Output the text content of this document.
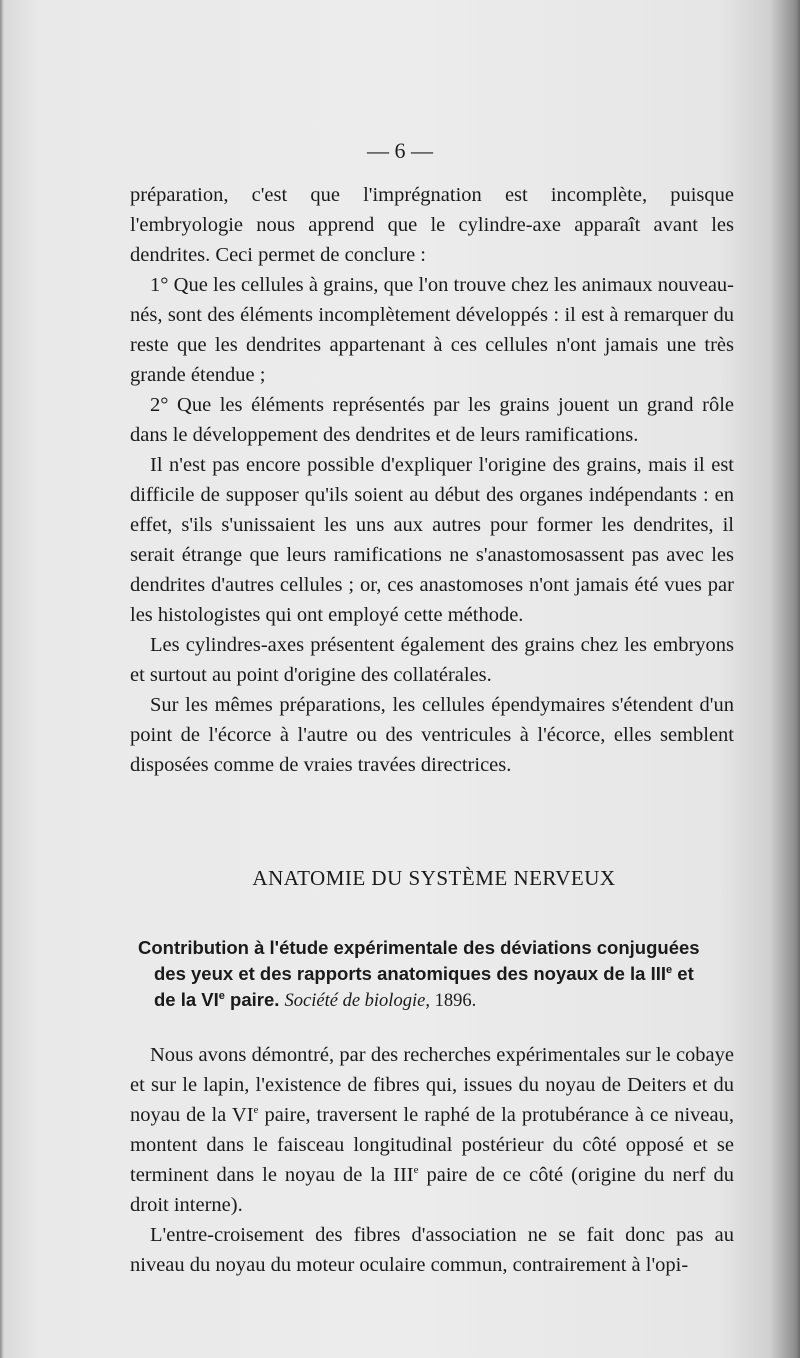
— 6 —

préparation, c'est que l'imprégnation est incomplète, puisque l'embryologie nous apprend que le cylindre-axe apparaît avant les dendrites. Ceci permet de conclure :

1° Que les cellules à grains, que l'on trouve chez les animaux nouveau-nés, sont des éléments incomplètement développés : il est à remarquer du reste que les dendrites appartenant à ces cellules n'ont jamais une très grande étendue ;

2° Que les éléments représentés par les grains jouent un grand rôle dans le développement des dendrites et de leurs ramifications.

Il n'est pas encore possible d'expliquer l'origine des grains, mais il est difficile de supposer qu'ils soient au début des organes indépendants : en effet, s'ils s'unissaient les uns aux autres pour former les dendrites, il serait étrange que leurs ramifications ne s'anastomosassent pas avec les dendrites d'autres cellules ; or, ces anastomoses n'ont jamais été vues par les histologistes qui ont employé cette méthode.

Les cylindres-axes présentent également des grains chez les embryons et surtout au point d'origine des collatérales.

Sur les mêmes préparations, les cellules épendymaires s'étendent d'un point de l'écorce à l'autre ou des ventricules à l'écorce, elles semblent disposées comme de vraies travées directrices.

ANATOMIE DU SYSTÈME NERVEUX
Contribution à l'étude expérimentale des déviations conjuguées
des yeux et des rapports anatomiques des noyaux de la IIIe et
de la VIe paire. Société de biologie, 1896.

Nous avons démontré, par des recherches expérimentales sur le cobaye et sur le lapin, l'existence de fibres qui, issues du noyau de Deiters et du noyau de la VIe paire, traversent le raphé de la protubérance à ce niveau, montent dans le faisceau longitudinal postérieur du côté opposé et se terminent dans le noyau de la IIIe paire de ce côté (origine du nerf du droit interne).

L'entre-croisement des fibres d'association ne se fait donc pas au niveau du noyau du moteur oculaire commun, contrairement à l'opi-
